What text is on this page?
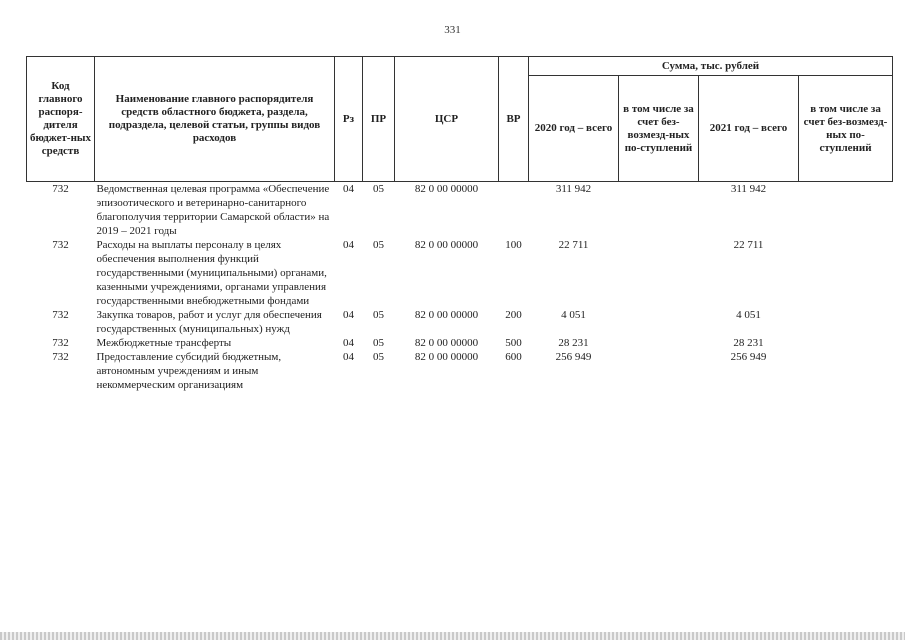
331
Код главного распоря-дителя бюджет-ных средств	Наименование главного распорядителя средств областного бюджета, раздела, подраздела, целевой статьи, группы видов расходов	Рз	ПР	ЦСР	ВР	Сумма, тыс. рублей			
						2020 год – всего	в том числе за счет без-возмезд-ных по-ступлений	2021 год – всего	в том числе за счет без-возмезд-ных по-ступлений
732	Ведомственная целевая программа «Обеспечение эпизоотического и ветеринарно-санитарного благополучия территории Самарской области» на 2019 – 2021 годы	04	05	82 0 00 00000		311 942		311 942	
732	Расходы на выплаты персоналу в целях обеспечения выполнения функций государственными (муниципальными) органами, казенными учреждениями, органами управления государственными внебюджетными фондами	04	05	82 0 00 00000	100	22 711		22 711	
732	Закупка товаров, работ и услуг для обеспечения государственных (муниципальных) нужд	04	05	82 0 00 00000	200	4 051		4 051	
732	Межбюджетные трансферты	04	05	82 0 00 00000	500	28 231		28 231	
732	Предоставление субсидий бюджетным, автономным учреждениям и иным некоммерческим организациям	04	05	82 0 00 00000	600	256 949		256 949	
